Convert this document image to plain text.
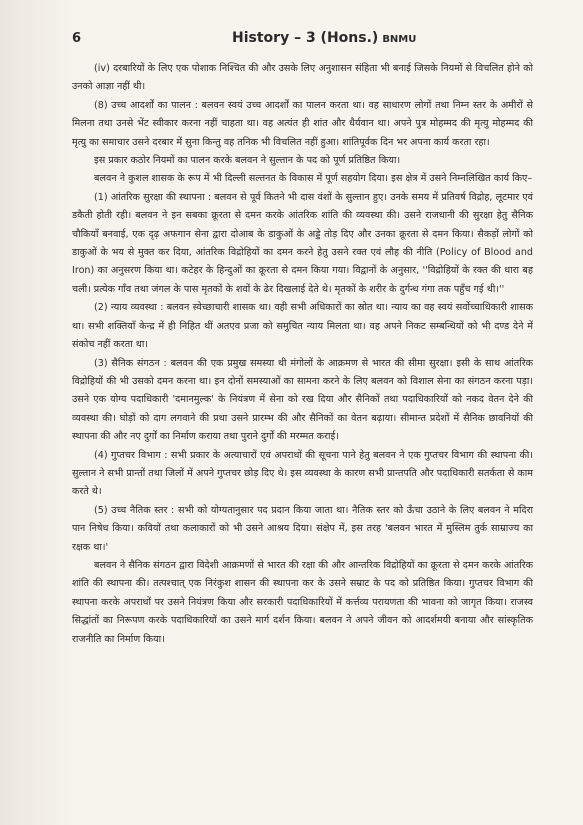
6	History – 3 (Hons.) BNMU

(iv) दरबारियों के लिए एक पोशाक निश्चित की और उसके लिए अनुशासन संहिता भी बनाई जिसके नियमों से विचलित होने को उनको आज्ञा नहीं थी।

(8) उच्च आदर्शों का पालन : बलवन स्वयं उच्च आदर्शों का पालन करता था। वह साधारण लोगों तथा निम्न स्तर के अमीरों से मिलना तथा उनसे भेंट स्वीकार करना नहीं चाहता था। वह अत्यंत ही शांत और धैर्यवान था। अपने पुत्र मोहम्मद की मृत्यु मोहम्मद की मृत्यु का समाचार उसने दरबार में सुना किन्तु वह तनिक भी विचलित नहीं हुआ। शांतिपूर्वक दिन भर अपना कार्य करता रहा।

इस प्रकार कठोर नियमों का पालन करके बलवन ने सुल्तान के पद को पूर्ण प्रतिष्ठित किया।

बलवन ने कुशल शासक के रूप में भी दिल्ली सल्तनत के विकास में पूर्ण सहयोग दिया। इस क्षेत्र में उसने निम्नलिखित कार्य किए–

(1) आंतरिक सुरक्षा की स्थापना : बलवन से पूर्व कितने भी दास वंशों के सुल्तान हुए। उनके समय में प्रतिवर्ष विद्रोह, लूटमार एवं डकैती होती रही। बलवन ने इन सबका क्रूरता से दमन करके आंतरिक शांति की व्यवस्था की। उसने राजधानी की सुरक्षा हेतु सैनिक चौकियाँ बनवाई, एक दृढ़ अफगान सेना द्वारा दोआब के डाकुओं के अड्डे तोड़ दिए और उनका क्रूरता से दमन किया। सैकड़ों लोगों को डाकुओं के भय से मुक्त कर दिया, आंतरिक विद्रोहियों का दमन करने हेतु उसने रक्त एवं लौह की नीति (Policy of Blood and Iron) का अनुसरण किया था। कटेहर के हिन्दुओं का क्रूरता से दमन किया गया। विद्वानों के अनुसार, ''विद्रोहियों के रक्त की धारा बह चली। प्रत्येक गाँव तथा जंगल के पास मृतकों के शवों के ढेर दिखलाई देते थे। मृतकों के शरीर के दुर्गन्ध गंगा तक पहुँच गई थी।''

(2) न्याय व्यवस्था : बलवन स्वेच्छाचारी शासक था। वही सभी अधिकारों का स्रोत था। न्याय का वह स्वयं सर्वोच्चाधिकारी शासक था। सभी शक्तियाँ केन्द्र में ही निहित थीं अतएव प्रजा को समुचित न्याय मिलता था। वह अपने निकट सम्बन्धियों को भी दण्ड देने में संकोच नहीं करता था।

(3) सैनिक संगठन : बलवन की एक प्रमुख समस्या थी मंगोलों के आक्रमण से भारत की सीमा सुरक्षा। इसी के साथ आंतरिक विद्रोहियों की भी उसको दमन करना था। इन दोनों समस्याओं का सामना करने के लिए बलवन को विशाल सेना का संगठन करना पड़ा। उसने एक योग्य पदाधिकारी 'दमानमुल्क' के नियंत्रण में सेना को रख दिया और सैनिकों तथा पदाधिकारियों को नकद वेतन देने की व्यवस्था की। घोड़ों को दाग लगवाने की प्रथा उसने प्रारम्भ की और सैनिकों का वेतन बढ़ाया। सीमान्त प्रदेशों में सैनिक छावनियों की स्थापना की और नए दुर्गों का निर्माण कराया तथा पुराने दुर्गों की मरम्मत कराई।

(4) गुप्तचर विभाग : सभी प्रकार के अत्याचारों एवं अपराधों की सूचना पाने हेतु बलवन ने एक गुप्तचर विभाग की स्थापना की। सुल्तान ने सभी प्रान्तों तथा जिलों में अपने गुप्तचर छोड़ दिए थे। इस व्यवस्था के कारण सभी प्रान्तपति और पदाधिकारी सतर्कता से काम करते थे।

(5) उच्च नैतिक स्तर : सभी को योग्यतानुसार पद प्रदान किया जाता था। नैतिक स्तर को ऊँचा उठाने के लिए बलवन ने मदिरा पान निषेध किया। कवियों तथा कलाकारों को भी उसने आश्रय दिया। संक्षेप में, इस तरह 'बलवन भारत में मुस्लिम तुर्क साम्राज्य का रक्षक था।'

बलवन ने सैनिक संगठन द्वारा विदेशी आक्रमणों से भारत की रक्षा की और आन्तरिक विद्रोहियों का क्रूरता से दमन करके आंतरिक शांति की स्थापना की। तत्पश्चात् एक निरंकुश शासन की स्थापना कर के उसने सम्राट के पद को प्रतिष्ठित किया। गुप्तचर विभाग की स्थापना करके अपराधों पर उसने नियंत्रण किया और सरकारी पदाधिकारियों में कर्त्तव्य परायणता की भावना को जागृत किया। राजस्व सिद्धांतों का निरूपण करके पदाधिकारियों का उसने मार्ग दर्शन किया। बलवन ने अपने जीवन को आदर्शमयी बनाया और सांस्कृतिक राजनीति का निर्माण किया।
